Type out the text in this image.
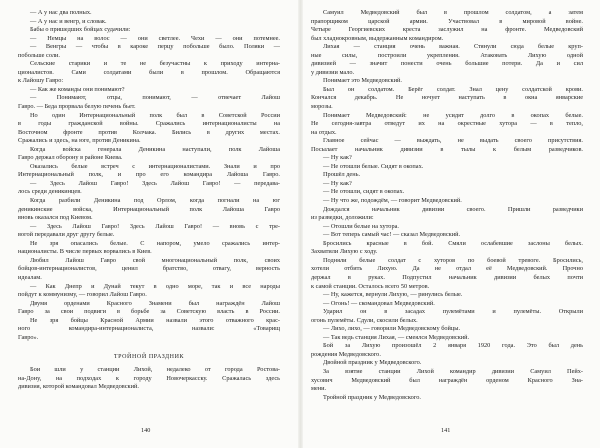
— А у нас два полных.
— А у нас и венгр, и словак.
Бабы о пришедших бойцах судачили:
— Немцы на волос — они светлее. Чехи — они потемнее.
— Венгры — чтобы в кароке перцу побольше было. Поляки —
побольше соли.
Сельские старики и те не безучастны к приходу интерна-
ционалистов. Сами солдатами были в прошлом. Обращаются
к Лайошу Гавро:
— Как же команды они понимают?
— Понимают, отцы, понимают, — отвечает Лайош
Гавро. — Бедa прорвала белую печень бьет.
Но один Интернациональный полк был в Советской России
в годы гражданской войны. Сражались интернационалисты на
Восточном фронте против Колчака. Бились в других местах.
Сражались и здесь, на юге, против Деникина.
Когда войска генерала Деникина наступали, полк Лайоша
Гавро держал оборону в районе Киева.
Оказались белые встреч с интернационалистами. Знали и про
Интернациональный полк, и про его командира Лайоша Гавро.
— Здесь Лайош Гавро! Здесь Лайош Гавро! — передава-
лось среди деникинцев.
Когда разбили Деникина под Орлом, когда погнали на юг
деникинские войска, Интернациональный полк Лайоша Гавро
вновь оказался под Киевом.
— Здесь Лайош Гавро! Здесь Лайош Гавро! — вновь с тре-
вогой передавали друг другу белые.
Не зря опасались белые. С напором, умело сражались интер-
националисты. В числе первых ворвались в Киев.
Любил Лайош Гавро свой многонациональный полк, своих
бойцов-интернационалистов, ценил братство, отвагу, верность
идеалам.
— Как Днепр и Дунай текут в одно море, так и все народы
пойдут к коммунизму, — говорил Лайош Гавро.
Двумя орденами Красного Знамени был награждён Лайош
Гавро за свои подвиги в борьбе за Советскую власть в России.
Не зря бойцы Красной Армии назвали этого отважного крас-
ного командира-интернационалиста, назвали: «Товарищ
Гавро».
ТРОЙНОЙ ПРАЗДНИК
Бои шли у станции Лихой, недалеко от города Ростова-
на-Дону, на подходах к городу Новочеркасску. Сражалась здесь
дивизия, которой командовал Медведовский.
Самуил Медведовский был в прошлом солдатом, а затем
прапорщиком царской армии. Участвовал в мировой войне.
Четыре Георгиевских креста заслужил на фронте. Медведовский
был хладнокровным, выдержанным командиром.
Лихая — станция очень важная. Стянули сюда белые круп-
ные силы, построили укрепления. Атаковать Лихую одной
дивизией — значит понести очень большие потери. Да и сил
у дивизии мало.
Понимает это Медведовский.
Был он солдатом. Берёг солдат. Знал цену солдатской крови.
Кончался декабрь. Не ночует наступать в окна январские
морозы.
Понимает Медведовский: не усидят долго в окопах белые.
Не сегодня-завтра отведут их на окрестные хутора — в тепло,
на отдых.
Главное сейчас — выждать, не выдать своего присутствия.
Посылает начальник дивизии в тылы к белым разведчиков.
— Ну как?
— Не отошли белые. Сидят в окопах.
Прошёл день.
— Ну как?
— Не отошли, сидят в окопах.
— Ну что же, подождём, — говорит Медведовский.
Дождался начальник дивизии своего. Пришли разведчики
из разведки, доложили:
— Отошли белые на хутора.
— Вот теперь самый час! — сказал Медведовский.
Бросились красные в бой. Смяли ослабевшие заслоны белых.
Захватили Лихую с ходу.
Подняли белые солдат с хуторов по боевой тревоге. Бросились,
хотели отбить Лихую. Да не отдал её Медведовский. Прочно
держал в руках. Подпустил начальник дивизии белых почти
к самой станции. Осталось всего 50 метров.
— Ну, кажется, вернули Лихую, — ринулись белые.
— Огонь! — скомандовал Медведовский.
Ударил он в засадах пулемётами и пулемёты. Открыли
огонь пулемёты. Сдули, скосили белых.
— Лихо, лихо, — говорили Медведовскому бойцы.
— Так ведь станция Лихая, — смеялся Медведовский.
Бой за Лихую произошёл 2 января 1920 года. Это был день
рождения Медведовского.
Двойной праздник у Медведовского.
За взятие станции Лихой командир дивизии Самуил Пейх-
хусович Медведовский был награждён орденом Красного Зна-
мени.
Тройной праздник у Медведовского.
140	141
